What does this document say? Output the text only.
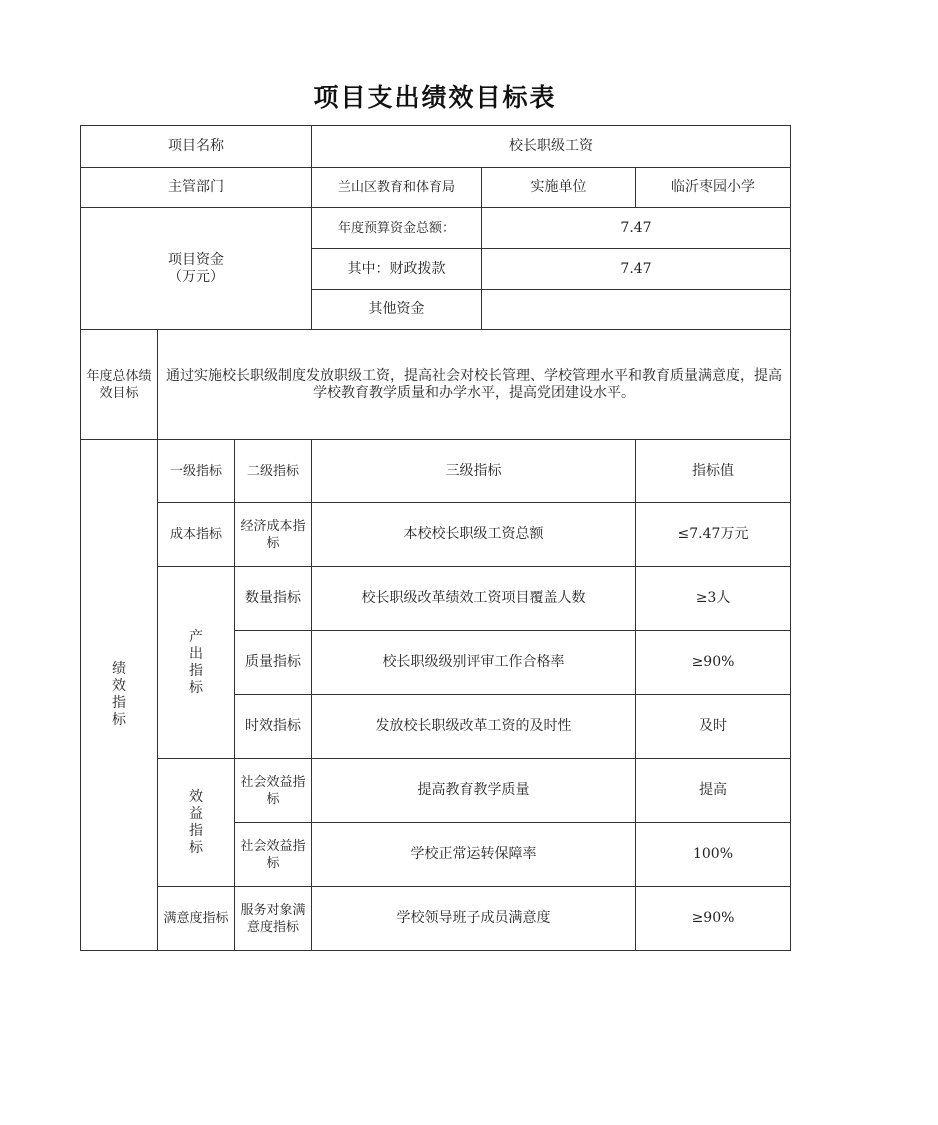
项目支出绩效目标表
项目名称			校长职级工资		
主管部门			兰山区教育和体育局	实施单位	临沂枣园小学

项目资金（万元）			年度预算资金总额：	7.47	
			其中：财政拨款	7.47	
			其他资金		
年度总体绩效目标	通过实施校长职级制度发放职级工资，提高社会对校长管理、学校管理水平和教育质量满意度，提高学校教育教学质量和办学水平，提高党团建设水平。				

绩效指标	一级指标	二级指标	三级指标		指标值
	成本指标	经济成本指标	本校校长职级工资总额		≤7.47万元

	产出指标	数量指标	校长职级改革绩效工资项目覆盖人数		≥3人
		质量指标	校长职级级别评审工作合格率		≥90%
		时效指标	发放校长职级改革工资的及时性		及时

	效益指标	社会效益指标	提高教育教学质量		提高
		社会效益指标	学校正常运转保障率		100%
	满意度指标	服务对象满意度指标	学校领导班子成员满意度		≥90%
